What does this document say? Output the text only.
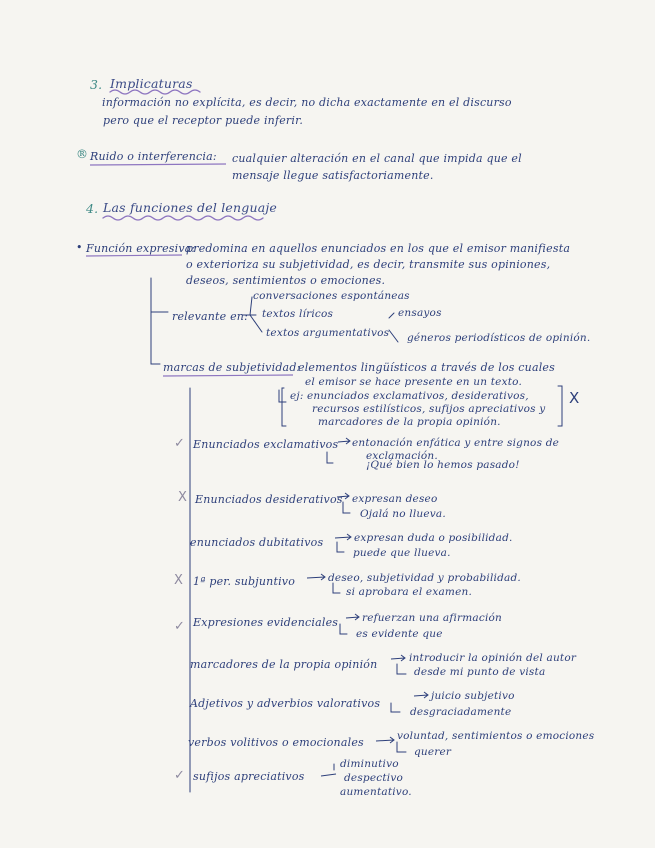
3. Implicaturas
información no explícita, es decir, no dicha exactamente en el discurso
pero que el receptor puede inferir.
® Ruido o interferencia: cualquier alteración en el canal que impida que el
mensaje llegue satisfactoriamente.
4. Las funciones del lenguaje
• Función expresiva:
predomina en aquellos enunciados en los que el emisor manifiesta
o exterioriza su subjetividad, es decir, transmite sus opiniones,
deseos, sentimientos o emociones.
conversaciones espontáneas
relevante en: textos líricos	ensayos
textos argumentativos géneros periodísticos de opinión.
marcas de subjetividad:
elementos lingüísticos a través de los cuales
el emisor se hace presente en un texto.
ej: enunciados exclamativos, desiderativos,
recursos estilísticos, sufijos apreciativos y
marcadores de la propia opinión.
X
✓ Enunciados exclamativos entonación enfática y entre signos de
exclamación.
¡Qué bien lo hemos pasado!
X Enunciados desiderativos expresan deseo
Ojalá no llueva.
enunciados dubitativos	expresan duda o posibilidad.
puede que llueva.
X 1ª per. subjuntivo	deseo, subjetividad y probabilidad.
si aprobara el examen.
✓ Expresiones evidenciales refuerzan una afirmación
es evidente que
marcadores de la propia opinión	introducir la opinión del autor
desde mi punto de vista
Adjetivos y adverbios valorativos
juicio subjetivo
desgraciadamente
verbos volitivos o emocionales	voluntad, sentimientos o emociones
querer
✓ sufijos apreciativos
diminutivo
despectivo
aumentativo.
